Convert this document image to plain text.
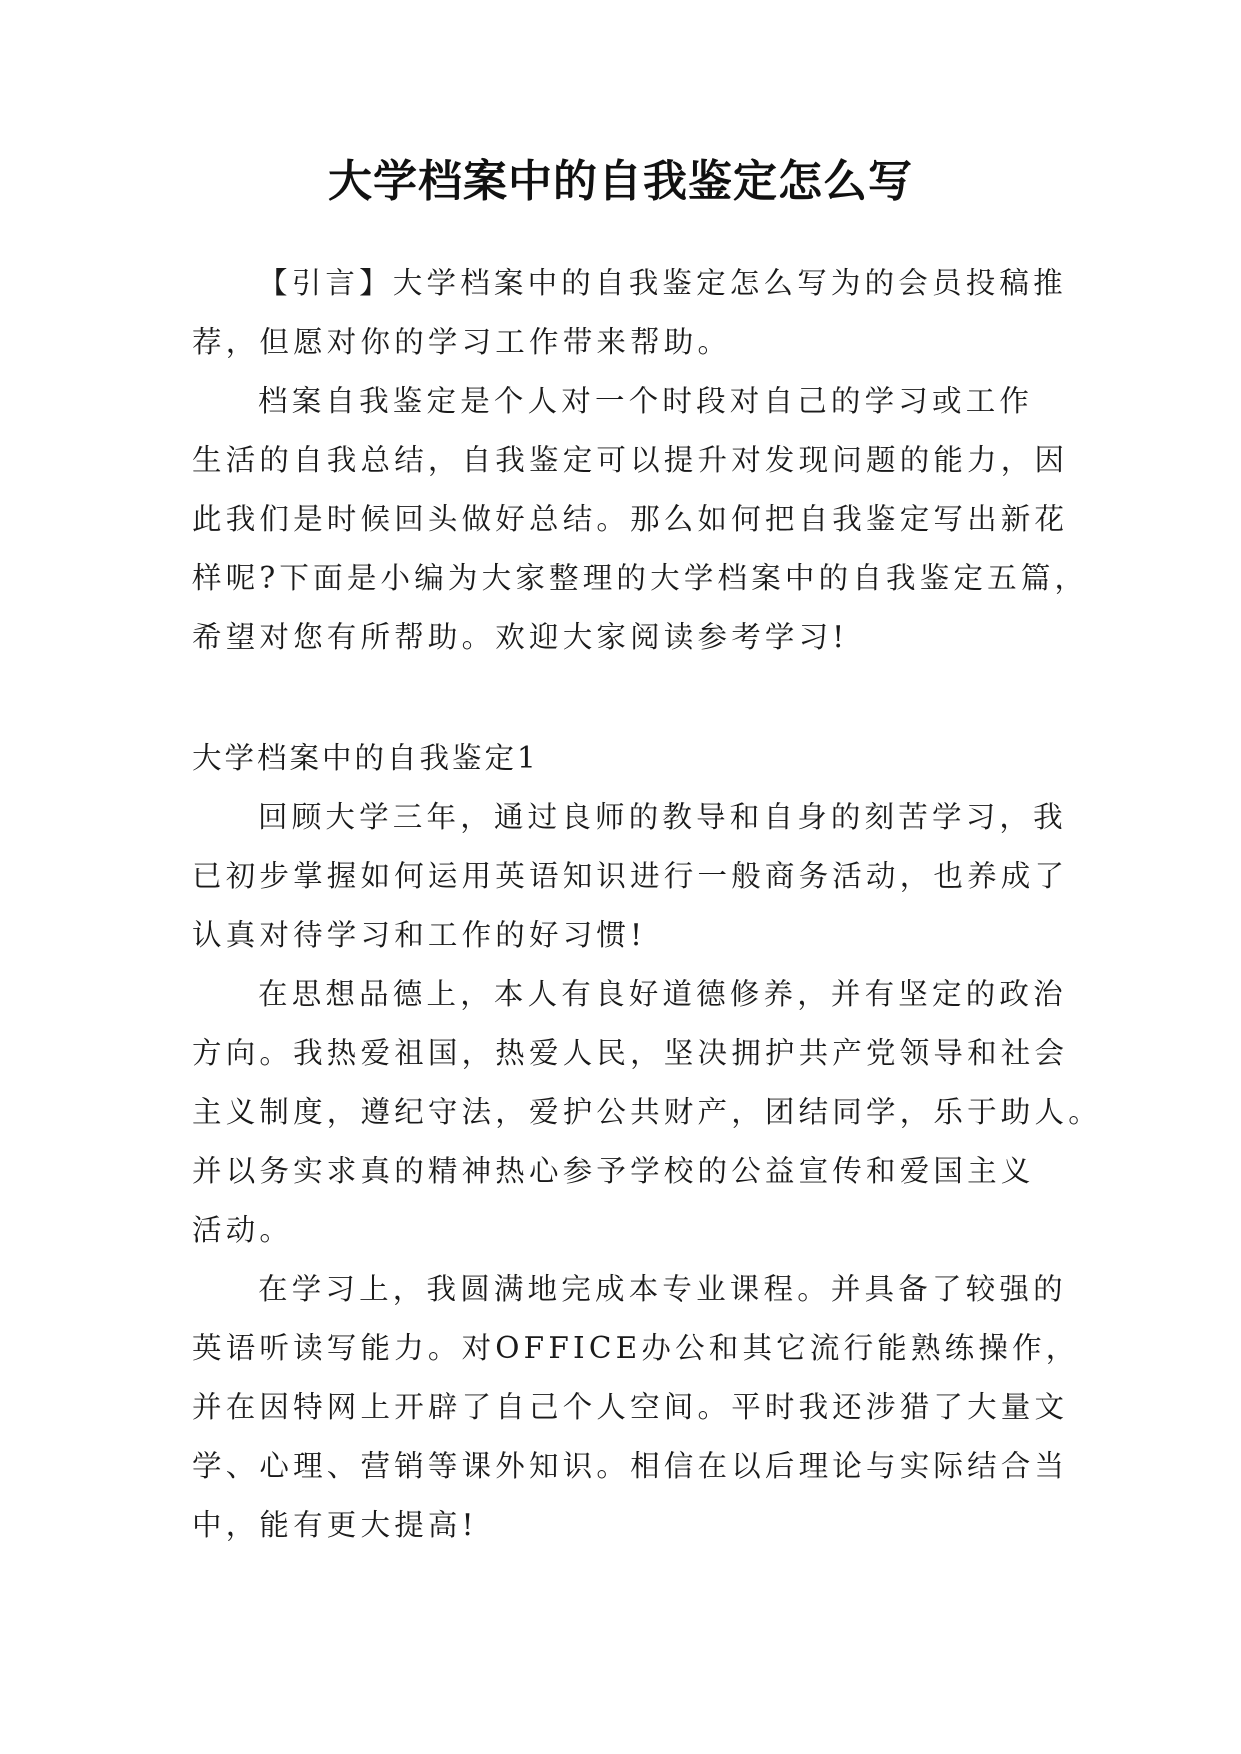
大学档案中的自我鉴定怎么写
【引言】大学档案中的自我鉴定怎么写为的会员投稿推
荐，但愿对你的学习工作带来帮助。
档案自我鉴定是个人对一个时段对自己的学习或工作
生活的自我总结，自我鉴定可以提升对发现问题的能力，因
此我们是时候回头做好总结。那么如何把自我鉴定写出新花
样呢?下面是小编为大家整理的大学档案中的自我鉴定五篇，
希望对您有所帮助。欢迎大家阅读参考学习!
大学档案中的自我鉴定1
回顾大学三年，通过良师的教导和自身的刻苦学习，我
已初步掌握如何运用英语知识进行一般商务活动，也养成了
认真对待学习和工作的好习惯!
在思想品德上，本人有良好道德修养，并有坚定的政治
方向。我热爱祖国，热爱人民，坚决拥护共产党领导和社会
主义制度，遵纪守法，爱护公共财产，团结同学，乐于助人。
并以务实求真的精神热心参予学校的公益宣传和爱国主义
活动。
在学习上，我圆满地完成本专业课程。并具备了较强的
英语听读写能力。对OFFICE办公和其它流行能熟练操作，
并在因特网上开辟了自己个人空间。平时我还涉猎了大量文
学、心理、营销等课外知识。相信在以后理论与实际结合当
中，能有更大提高!
